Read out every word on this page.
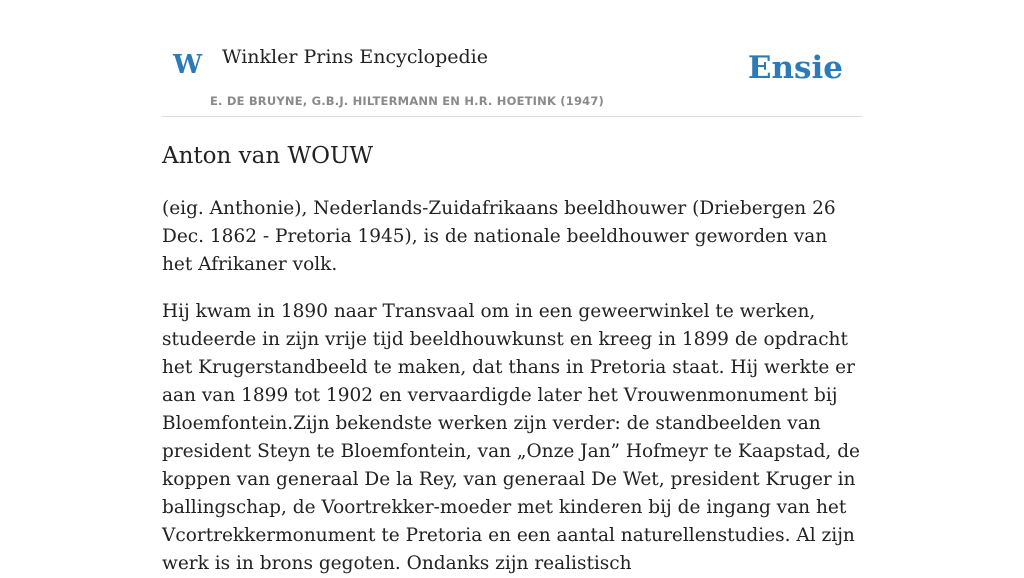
W Winkler Prins Encyclopedie
E. DE BRUYNE, G.B.J. HILTERMANN EN H.R. HOETINK (1947)
Ensie
Anton van WOUW

(eig. Anthonie), Nederlands-Zuidafrikaans beeldhouwer (Driebergen 26 Dec. 1862 - Pretoria 1945), is de nationale beeldhouwer geworden van het Afrikaner volk.

Hij kwam in 1890 naar Transvaal om in een geweerwinkel te werken, studeerde in zijn vrije tijd beeldhouwkunst en kreeg in 1899 de opdracht het Krugerstandbeeld te maken, dat thans in Pretoria staat. Hij werkte er aan van 1899 tot 1902 en vervaardigde later het Vrouwenmonument bij Bloemfontein.Zijn bekendste werken zijn verder: de standbeelden van president Steyn te Bloemfontein, van „Onze Jan” Hofmeyr te Kaapstad, de koppen van generaal De la Rey, van generaal De Wet, president Kruger in ballingschap, de Voortrekker-moeder met kinderen bij de ingang van het Vcortrekkermonument te Pretoria en een aantal naturellenstudies. Al zijn werk is in brons gegoten. Ondanks zijn realistisch
